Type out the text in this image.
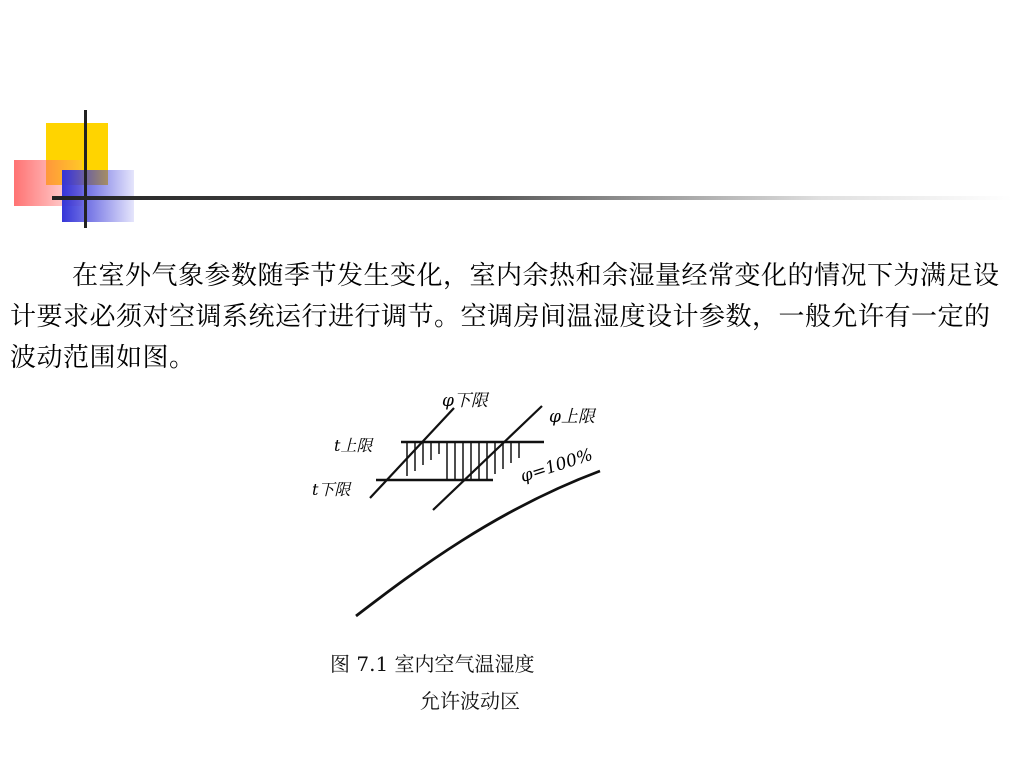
在室外气象参数随季节发生变化，室内余热和余湿量经常变化的情况下为满足设计要求必须对空调系统运行进行调节。空调房间温湿度设计参数，一般允许有一定的波动范围如图。

φ下限
φ上限
t上限
t下限
φ=100%
图 7.1 室内空气温湿度
允许波动区
